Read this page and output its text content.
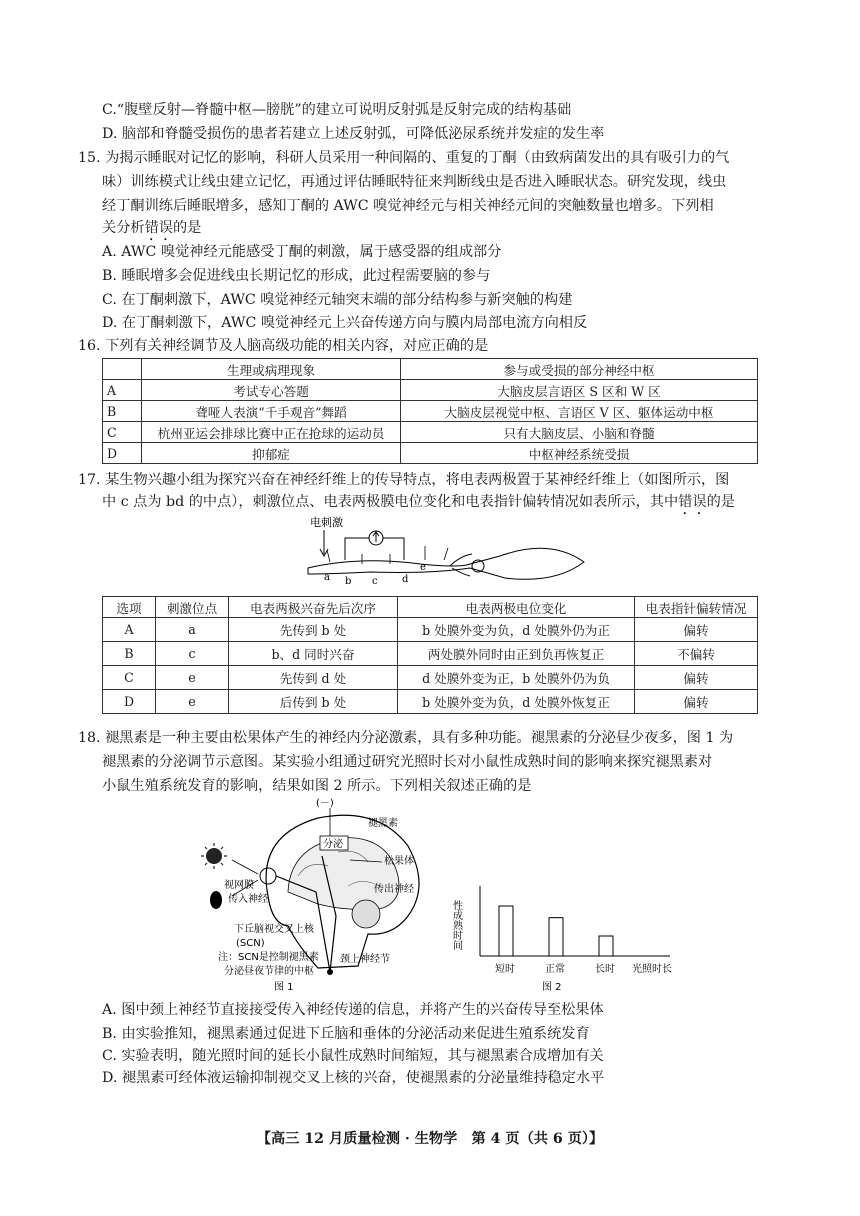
C.“腹壁反射—脊髓中枢—膀胱”的建立可说明反射弧是反射完成的结构基础
D. 脑部和脊髓受损伤的患者若建立上述反射弧，可降低泌尿系统并发症的发生率
15. 为揭示睡眠对记忆的影响，科研人员采用一种间隔的、重复的丁酮（由致病菌发出的具有吸引力的气
味）训练模式让线虫建立记忆，再通过评估睡眠特征来判断线虫是否进入睡眠状态。研究发现，线虫
经丁酮训练后睡眠增多，感知丁酮的 AWC 嗅觉神经元与相关神经元间的突触数量也增多。下列相
关分析错误的是
A. AWC 嗅觉神经元能感受丁酮的刺激，属于感受器的组成部分
B. 睡眠增多会促进线虫长期记忆的形成，此过程需要脑的参与
C. 在丁酮刺激下，AWC 嗅觉神经元轴突末端的部分结构参与新突触的构建
D. 在丁酮刺激下，AWC 嗅觉神经元上兴奋传递方向与膜内局部电流方向相反
16. 下列有关神经调节及人脑高级功能的相关内容，对应正确的是
	生理或病理现象	参与或受损的部分神经中枢
A	考试专心答题	大脑皮层言语区 S 区和 W 区
B	聋哑人表演“千手观音”舞蹈	大脑皮层视觉中枢、言语区 V 区、躯体运动中枢
C	杭州亚运会排球比赛中正在抢球的运动员	只有大脑皮层、小脑和脊髓
D	抑郁症	中枢神经系统受损
17. 某生物兴趣小组为探究兴奋在神经纤维上的传导特点，将电表两极置于某神经纤维上（如图所示，图
中 c 点为 bd 的中点），刺激位点、电表两极膜电位变化和电表指针偏转情况如表所示，其中错误的是
电刺激
a b c d
e
选项	刺激位点	电表两极兴奋先后次序	电表两极电位变化	电表指针偏转情况
A	a	先传到 b 处	b 处膜外变为负，d 处膜外仍为正	偏转
B	c	b、d 同时兴奋	两处膜外同时由正到负再恢复正	不偏转
C	e	先传到 d 处	d 处膜外变为正，b 处膜外仍为负	偏转
D	e	后传到 b 处	b 处膜外变为负，d 处膜外恢复正	偏转
18. 褪黑素是一种主要由松果体产生的神经内分泌激素，具有多种功能。褪黑素的分泌昼少夜多，图 1 为
褪黑素的分泌调节示意图。某实验小组通过研究光照时长对小鼠性成熟时间的影响来探究褪黑素对
小鼠生殖系统发育的影响，结果如图 2 所示。下列相关叙述正确的是
分泌
(－)
褪黑素
松果体
视网膜
传入神经
传出神经
下丘脑视交叉上核
(SCN)
注：SCN是控制褪黑素
分泌昼夜节律的中枢
颈上神经节
图 1
性成熟时间
短时	正常	长时 光照时长
图 2
A. 图中颈上神经节直接接受传入神经传递的信息，并将产生的兴奋传导至松果体
B. 由实验推知，褪黑素通过促进下丘脑和垂体的分泌活动来促进生殖系统发育
C. 实验表明，随光照时间的延长小鼠性成熟时间缩短，其与褪黑素合成增加有关
D. 褪黑素可经体液运输抑制视交叉上核的兴奋，使褪黑素的分泌量维持稳定水平
【高三 12 月质量检测 · 生物学　第 4 页（共 6 页）】
